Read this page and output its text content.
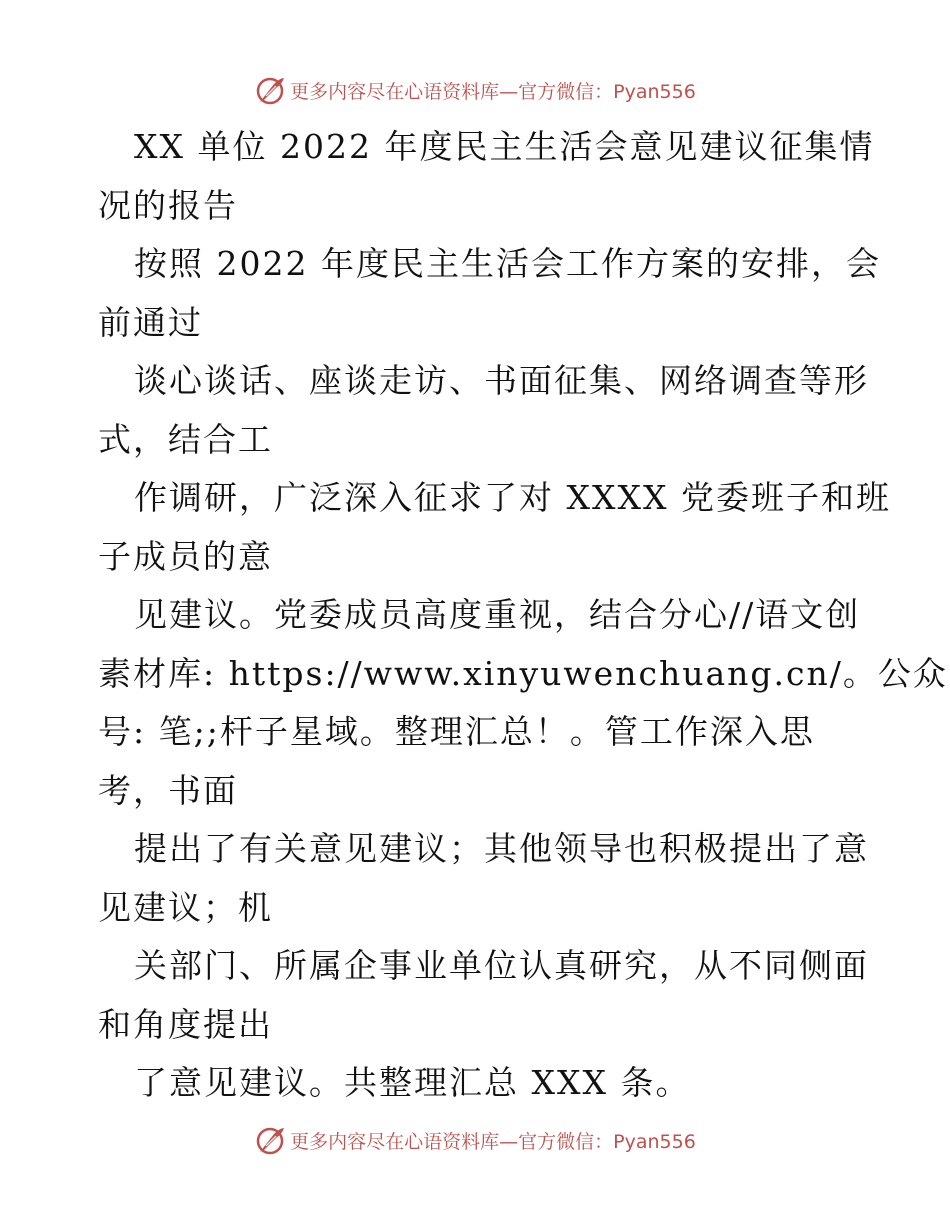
更多内容尽在心语资料库—官方微信：Pyan556

XX 单位 2022 年度民主生活会意见建议征集情
况的报告
按照 2022 年度民主生活会工作方案的安排，会
前通过
谈心谈话、座谈走访、书面征集、网络调查等形
式，结合工
作调研，广泛深入征求了对 XXXX 党委班子和班
子成员的意
见建议。党委成员高度重视，结合分心//语文创
素材库: https://www.xinyuwenchuang.cn/。公众
号: 笔;;杆子星域。整理汇总！。管工作深入思
考，书面
提出了有关意见建议；其他领导也积极提出了意
见建议；机
关部门、所属企事业单位认真研究，从不同侧面
和角度提出
了意见建议。共整理汇总 XXX 条。

更多内容尽在心语资料库—官方微信：Pyan556
